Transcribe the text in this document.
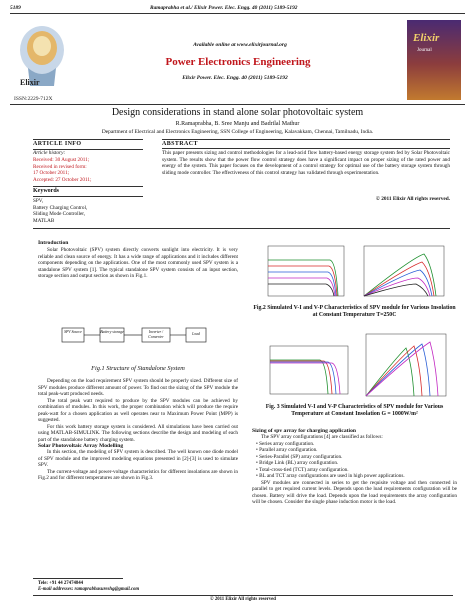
5189	Ramaprabha et al./ Elixir Power. Elec. Engg. 40 (2011) 5189-5192
Elixir
ISSN:2229-712X
Available online at www.elixirjournal.org
Power Electronics Engineering
Elixir Power. Elec. Engg. 40 (2011) 5189-5192
Elixir
Journal
Design considerations in stand alone solar photovoltaic system
R.Ramaprabha, B. Sree Manju and Badrilal Mathur
Department of Electrical and Electronics Engineering, SSN College of Engineering, Kalavakkam, Chennai, Tamilnadu, India.
ARTICLE INFO
Article history:
Received: 30 August 2011;
Received in revised form:
17 October 2011;
Accepted: 27 October 2011;
Keywords
SPV,
Battery Charging Control,
Sliding Mode Controller,
MATLAB
ABSTRACT

This paper presents sizing and control methodologies for a lead-acid flow battery-based energy storage system fed by Solar Photovoltaic system. The results show that the power flow control strategy does have a significant impact on proper sizing of the rated power and energy of the system. This paper focuses on the development of a control strategy for optimal use of the battery storage system through sliding mode controller. The effectiveness of this control strategy has validated through experimentation.

© 2011 Elixir All rights reserved.
Introduction

Solar Photovoltaic (SPV) system directly converts sunlight into electricity. It is very reliable and clean source of energy. It has a wide range of applications and it includes different components depending on the applications. One of the most commonly used SPV system is a standalone SPV system [1]. The typical standalone SPV system consists of an input section, storage section and output section as shown in Fig.1.

SPV Source	Battery storage	Inverter / Converter
Load
Fig.1 Structure of Standalone System

Depending on the load requirement SPV system should be properly sized. Different size of SPV modules produce different amount of power. To find out the sizing of the SPV module the total peak-watt produced needs.

The total peak watt required to produce by the SPV modules can be achieved by combination of modules. In this work, the proper combination which will produce the require peak-watt for a chosen application as well operates near to Maximum Power Point (MPP) is suggested.

For this work battery storage system is considered. All simulations have been carried out using MATLAB-SIMULINK. The following sections describe the design and modeling of each part of the standalone battery charging system.

Solar Photovoltaic Array Modelling

In this section, the modeling of SPV system is described. The well known one diode model of SPV module and the improved modeling equations presented in [2]-[3] is used to simulate SPV.

The current-voltage and power-voltage characteristics for different insolations are shown in Fig.2 and for different temperatures are shown in Fig.3.

Fig.2 Simulated V-I and V-P Characteristics of SPV module for Various Insolation at Constant Temperature T=250C
Fig. 3 Simulated V-I and V-P Characteristics of SPV module for Various Temperature at Constant Insolation G = 1000W/m²
Sizing of spv array for charging application

The SPV array configurations [4] are classified as follows:

• Series array configuration.
• Parallel array configuration.
• Series-Parallel (SP) array configuration.
• Bridge Link (BL) array configuration.
• Total-cross-tied (TCT) array configuration.

• BL and TCT array configurations are used in high power applications.

SPV modules are connected in series to get the requisite voltage and then connected in parallel to get required current levels. Depends upon the load requirements configuration will be chosen. Battery will drive the load. Depends upon the load requirements the array configuration will be chosen. Consider the single phase induction motor is the load.

Tele: +91 44 27474844
E-mail addresses: ramaprabhasureshg@gmail.com
© 2011 Elixir All rights reserved
